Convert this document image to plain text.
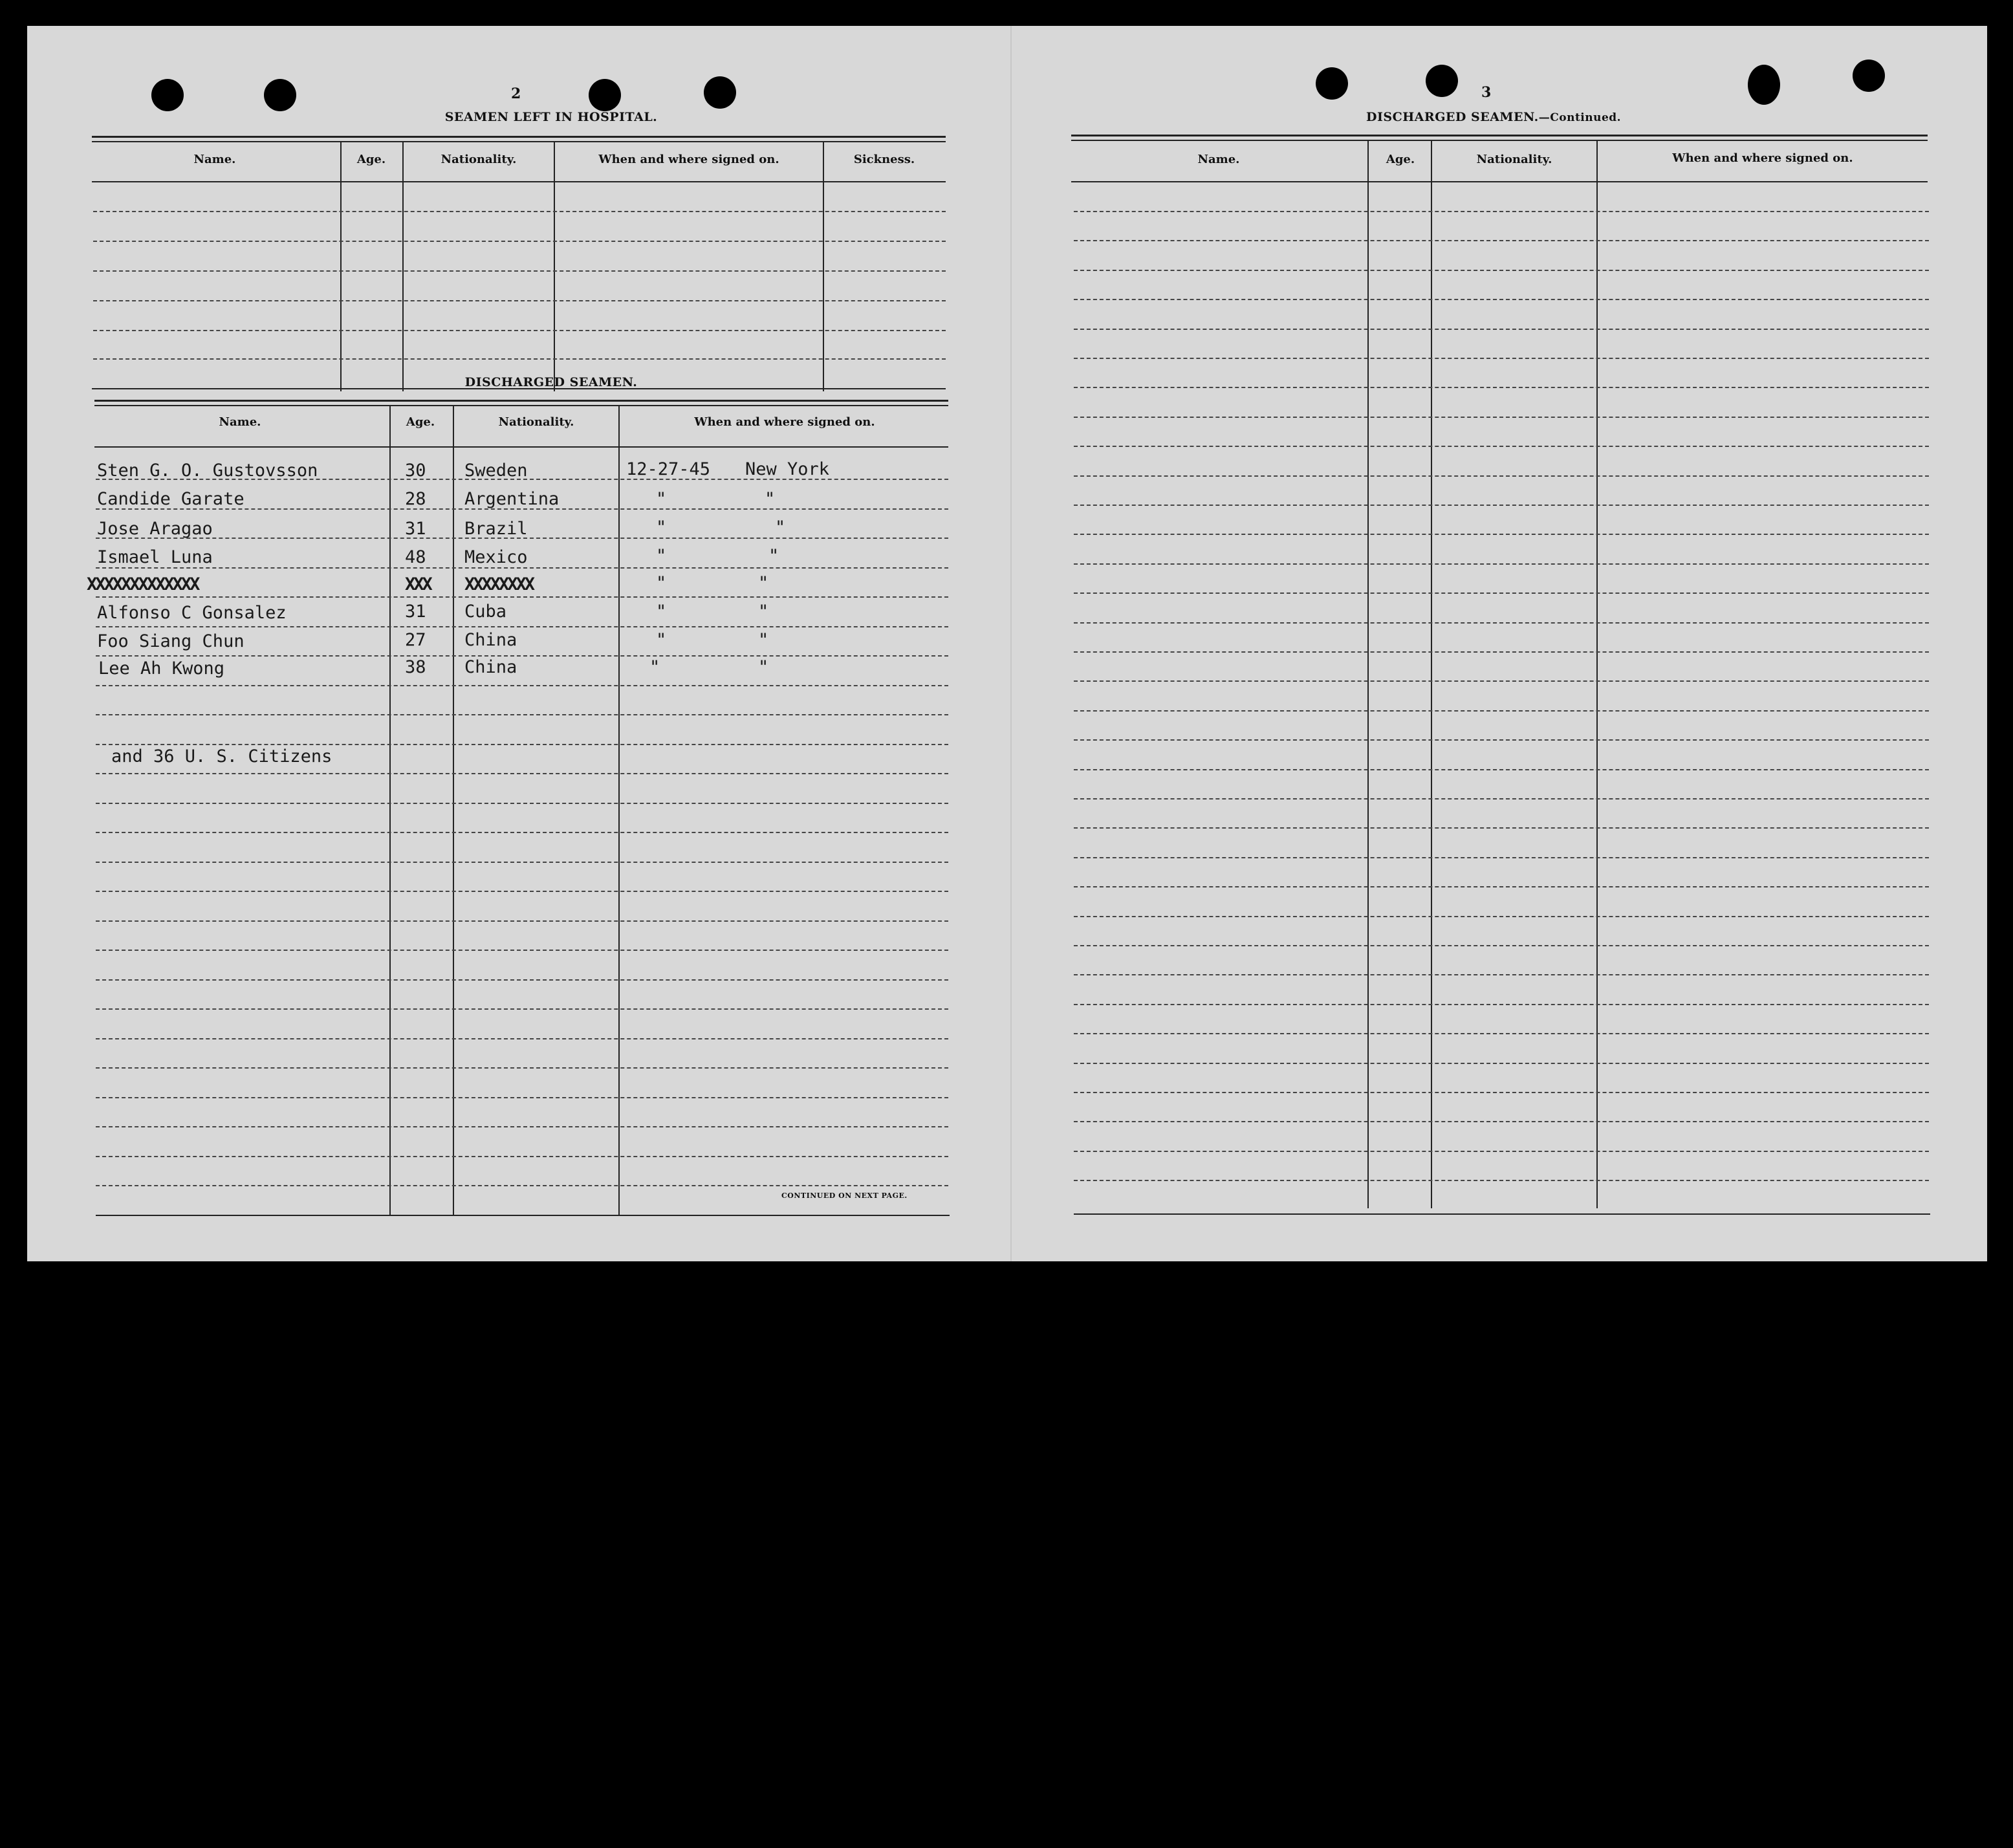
2
SEAMEN LEFT IN HOSPITAL.
Name.	Age.	Nationality.	When and where signed on.	Sickness.
DISCHARGED SEAMEN.
Name.	Age.	Nationality.	When and where signed on.
Sten G. O. Gustovsson	30 Sweden	12-27-45 New York
Candide Garate	28 Argentina	"	"
Jose Aragao	31 Brazil	"	"
Ismael Luna	48 Mexico	"	"
XXXXXXXXXXXXX	XXX XXXXXXXX	"	"
Alfonso C Gonsalez	31 Cuba	"	"
Foo Siang Chun	27 China	"	"
Lee Ah Kwong	38 China	"	"
and 36 U. S. Citizens
CONTINUED ON NEXT PAGE.
3
DISCHARGED SEAMEN.—Continued.
Name.	Age.	Nationality.	When and where signed on.
